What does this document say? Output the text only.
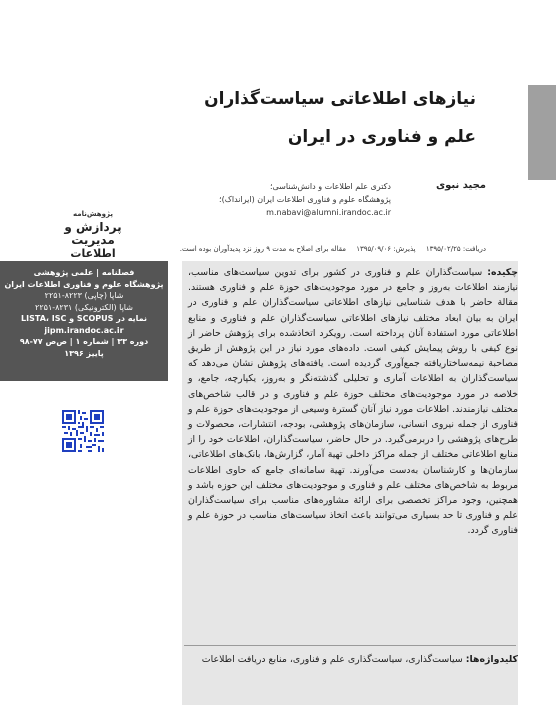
نیازهای اطلاعاتی سیاست‌گذاران
علم و فناوری در ایران
مجید نبوی
دکتری علم اطلاعات و دانش‌شناسی؛
پژوهشگاه علوم و فناوری اطلاعات ایران (ایرانداک)؛
m.nabavi@alumni.irandoc.ac.ir
پژوهش‌نامه
پردازش و مدیریت
اطلاعات	دریافت: ۱۳۹۵/۰۲/۲۵ پذیرش: ۱۳۹۵/۰۹/۰۶ مقاله برای اصلاح به مدت ۹ روز نزد پدیدآوران بوده است.
فصلنامه | علمی پژوهشی
پژوهشگاه علوم و فناوری اطلاعات ایران
شاپا (چاپی) ۸۲۲۳-۲۲۵۱
شاپا (الکترونیکی) ۸۲۳۱-۲۲۵۱
نمایه در SCOPUS و LISTA، ISC
jipm.irandoc.ac.ir
دوره ۳۳ | شماره ۱ | ص‌ص ۷۷-۹۸
پاییز ۱۳۹۶
چکیده: سیاست‌گذاران علم و فناوری در کشور برای تدوین سیاست‌های مناسب، نیازمند اطلاعات به‌روز و جامع در مورد موجودیت‌های حوزة علم و فناوری هستند. مقالة حاضر با هدف شناسایی نیازهای اطلاعاتی سیاست‌گذاران علم و فناوری در ایران به بیان ابعاد مختلف نیازهای اطلاعاتی سیاست‌گذاران علم و فناوری و منابع اطلاعاتی مورد استفادة آنان پرداخته است. رویکرد اتخاذشده برای پژوهش حاضر از نوع کیفی با روش پیمایش کیفی است. داده‌های مورد نیاز در این پژوهش از طریق مصاحبة نیمه‌ساختاریافته جمع‌آوری گردیده است. یافته‌های پژوهش نشان می‌دهد که سیاست‌گذاران به اطلاعات آماری و تحلیلی گذشته‌نگر و به‌روز، یکپارچه، جامع، و خلاصه در مورد موجودیت‌های مختلف حوزة علم و فناوری و در قالب شاخص‌های مختلف نیازمندند. اطلاعات مورد نیاز آنان گسترة وسیعی از موجودیت‌های حوزة علم و فناوری از جمله نیروی انسانی، سازمان‌های پژوهشی، بودجه، انتشارات، محصولات و طرح‌های پژوهشی را دربرمی‌گیرد. در حال حاضر، سیاست‌گذاران، اطلاعات خود را از منابع اطلاعاتی مختلف از جمله مراکز داخلی تهیة آمار، گزارش‌ها، بانک‌های اطلاعاتی، سازمان‌ها و کارشناسان به‌دست می‌آورند. تهیة سامانه‌ای جامع که حاوی اطلاعات مربوط به شاخص‌های مختلف علم و فناوری و موجودیت‌های مختلف این حوزه باشد و همچنین، وجود مراکز تخصصی برای ارائة مشاوره‌های مناسب برای سیاست‌گذاران علم و فناوری تا حد بسیاری می‌توانند باعث اتخاذ سیاست‌های مناسب در حوزة علم و فناوری گردد.
کلیدواژه‌ها: سیاست‌گذاری، سیاست‌گذاری علم و فناوری، منابع دریافت اطلاعات
